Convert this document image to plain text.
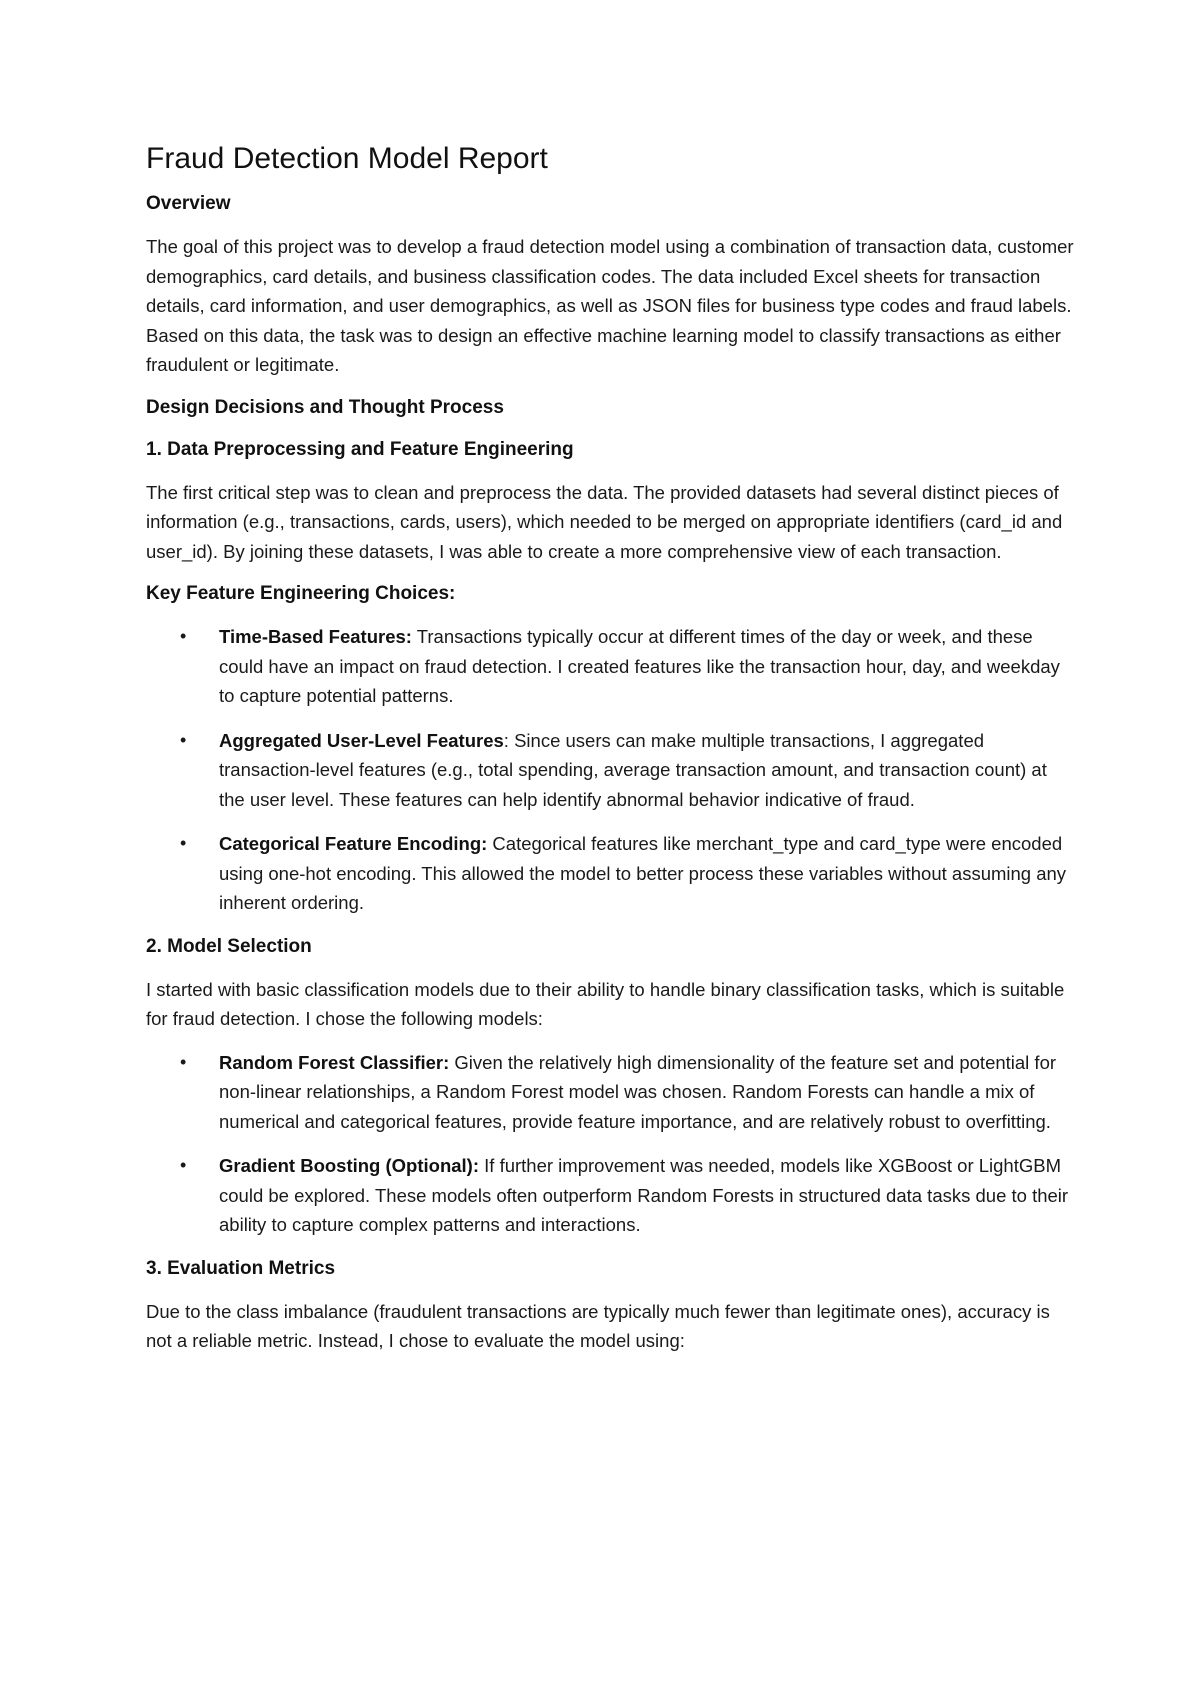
Fraud Detection Model Report
Overview

The goal of this project was to develop a fraud detection model using a combination of transaction data, customer demographics, card details, and business classification codes. The data included Excel sheets for transaction details, card information, and user demographics, as well as JSON files for business type codes and fraud labels. Based on this data, the task was to design an effective machine learning model to classify transactions as either fraudulent or legitimate.

Design Decisions and Thought Process
1. Data Preprocessing and Feature Engineering

The first critical step was to clean and preprocess the data. The provided datasets had several distinct pieces of information (e.g., transactions, cards, users), which needed to be merged on appropriate identifiers (card_id and user_id). By joining these datasets, I was able to create a more comprehensive view of each transaction.

Key Feature Engineering Choices:
• Time-Based Features: Transactions typically occur at different times of the day or week, and these could have an impact on fraud detection. I created features like the transaction hour, day, and weekday to capture potential patterns.
• Aggregated User-Level Features: Since users can make multiple transactions, I aggregated transaction-level features (e.g., total spending, average transaction amount, and transaction count) at the user level. These features can help identify abnormal behavior indicative of fraud.
• Categorical Feature Encoding: Categorical features like merchant_type and card_type were encoded using one-hot encoding. This allowed the model to better process these variables without assuming any inherent ordering.
2. Model Selection

I started with basic classification models due to their ability to handle binary classification tasks, which is suitable for fraud detection. I chose the following models:

• Random Forest Classifier: Given the relatively high dimensionality of the feature set and potential for non-linear relationships, a Random Forest model was chosen. Random Forests can handle a mix of numerical and categorical features, provide feature importance, and are relatively robust to overfitting.
• Gradient Boosting (Optional): If further improvement was needed, models like XGBoost or LightGBM could be explored. These models often outperform Random Forests in structured data tasks due to their ability to capture complex patterns and interactions.
3. Evaluation Metrics

Due to the class imbalance (fraudulent transactions are typically much fewer than legitimate ones), accuracy is not a reliable metric. Instead, I chose to evaluate the model using:
